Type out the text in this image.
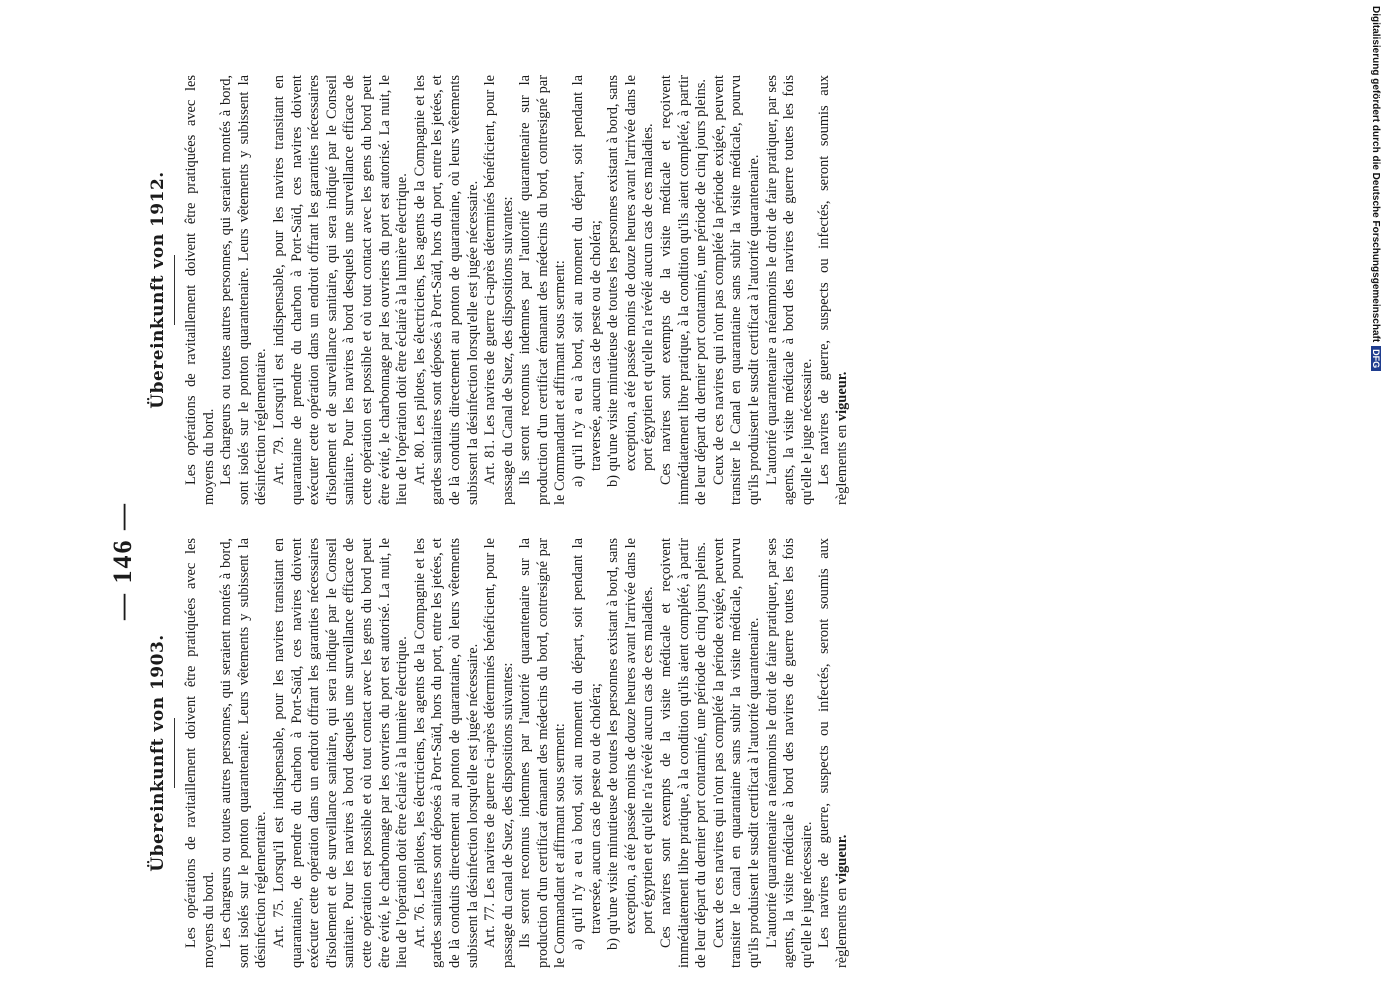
— 146 —
Übereinkunft von 1903. Les opérations de ravitaillement doivent être pratiquées avec les moyens du bord. Les chargeurs ou toutes autres personnes, qui seraient montés à bord, sont isolés sur le ponton quarantenaire. Leurs vêtements y subissent la désinfection réglementaire. Art. 75. Lorsqu'il est indispensable, pour les navires transitant en quarantaine, de prendre du charbon à Port-Saïd, ces navires doivent exécuter cette opération dans un endroit offrant les garanties nécessaires d'isolement et de surveillance sanitaire, qui sera indiqué par le Conseil sanitaire. Pour les navires à bord desquels une surveillance efficace de cette opération est possible et où tout contact avec les gens du bord peut être évité, le charbonnage par les ouvriers du port est autorisé. La nuit, le lieu de l'opération doit être éclairé à la lumière électrique. Art. 76. Les pilotes, les électriciens, les agents de la Compagnie et les gardes sanitaires sont déposés à Port-Saïd, hors du port, entre les jetées, et de là conduits directement au ponton de quarantaine, où leurs vêtements subissent la désinfection lorsqu'elle est jugée nécessaire. Art. 77. Les navires de guerre ci-après déterminés bénéficient, pour le passage du canal de Suez, des dispositions suivantes: Ils seront reconnus indemnes par l'autorité quarantenaire sur la production d'un certificat émanant des médecins du bord, contresigné par le Commandant et affirmant sous serment: a) qu'il n'y a eu à bord, soit au moment du départ, soit pendant la traversée, aucun cas de peste ou de choléra; b) qu'une visite minutieuse de toutes les personnes existant à bord, sans exception, a été passée moins de douze heures avant l'arrivée dans le port égyptien et qu'elle n'a révélé aucun cas de ces maladies. Ces navires sont exempts de la visite médicale et reçoivent immédiatement libre pratique, à la condition qu'ils aient complété, à partir de leur départ du dernier port contaminé, une période de cinq jours pleins. Ceux de ces navires qui n'ont pas complété la période exigée, peuvent transiter le canal en quarantaine sans subir la visite médicale, pourvu qu'ils produisent le susdit certificat à l'autorité quarantenaire. L'autorité quarantenaire a néanmoins le droit de faire pratiquer, par ses agents, la visite médicale à bord des navires de guerre toutes les fois qu'elle le juge nécessaire. Les navires de guerre, suspects ou infectés, seront soumis aux règlements en vigueur.

Übereinkunft von 1912. Les opérations de ravitaillement doivent être pratiquées avec les moyens du bord. Les chargeurs ou toutes autres personnes, qui seraient montés à bord, sont isolés sur le ponton quarantenaire. Leurs vêtements y subissent la désinfection réglementaire. Art. 79. Lorsqu'il est indispensable, pour les navires transitant en quarantaine de prendre du charbon à Port-Saïd, ces navires doivent exécuter cette opération dans un endroit offrant les garanties nécessaires d'isolement et de surveillance sanitaire, qui sera indiqué par le Conseil sanitaire. Pour les navires à bord desquels une surveillance efficace de cette opération est possible et où tout contact avec les gens du bord peut être évité, le charbonnage par les ouvriers du port est autorisé. La nuit, le lieu de l'opération doit être éclairé à la lumière électrique. Art. 80. Les pilotes, les électriciens, les agents de la Compagnie et les gardes sanitaires sont déposés à Port-Saïd, hors du port, entre les jetées, et de là conduits directement au ponton de quarantaine, où leurs vêtements subissent la désinfection lorsqu'elle est jugée nécessaire. Art. 81. Les navires de guerre ci-après déterminés bénéficient, pour le passage du Canal de Suez, des dispositions suivantes: Ils seront reconnus indemnes par l'autorité quarantenaire sur la production d'un certificat émanant des médecins du bord, contresigné par le Commandant et affirmant sous serment: a) qu'il n'y a eu à bord, soit au moment du départ, soit pendant la traversée, aucun cas de peste ou de choléra; b) qu'une visite minutieuse de toutes les personnes existant à bord, sans exception, a été passée moins de douze heures avant l'arrivée dans le port égyptien et qu'elle n'a révélé aucun cas de ces maladies. Ces navires sont exempts de la visite médicale et reçoivent immédiatement libre pratique, à la condition qu'ils aient complété, à partir de leur départ du dernier port contaminé, une période de cinq jours pleins. Ceux de ces navires qui n'ont pas complété la période exigée, peuvent transiter le Canal en quarantaine sans subir la visite médicale, pourvu qu'ils produisent le susdit certificat à l'autorité quarantenaire. L'autorité quarantenaire a néanmoins le droit de faire pratiquer, par ses agents, la visite médicale à bord des navires de guerre toutes les fois qu'elle le juge nécessaire. Les navires de guerre, suspects ou infectés, seront soumis aux règlements en vigueur.

Digitalisierung gefördert durch die Deutsche ForschungsgemeinschaftDFG
